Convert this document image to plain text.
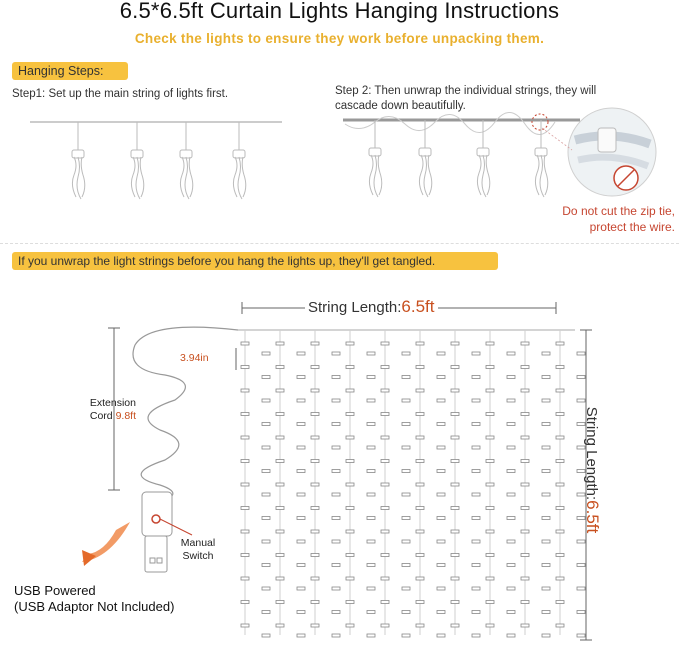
6.5*6.5ft Curtain Lights Hanging Instructions
Check the lights to ensure they work before unpacking them.
Hanging Steps:
Step1: Set up the main string of lights first.	Step 2: Then unwrap the individual strings, they will cascade down beautifully.
Do not cut the zip tie, protect the wire.
If you unwrap the light strings before you hang the lights up, they'll get tangled.
String Length:6.5ft
String Length:6.5ft
3.94in
Extension Cord 9.8ft
Manual Switch
USB Powered
(USB Adaptor Not Included)
